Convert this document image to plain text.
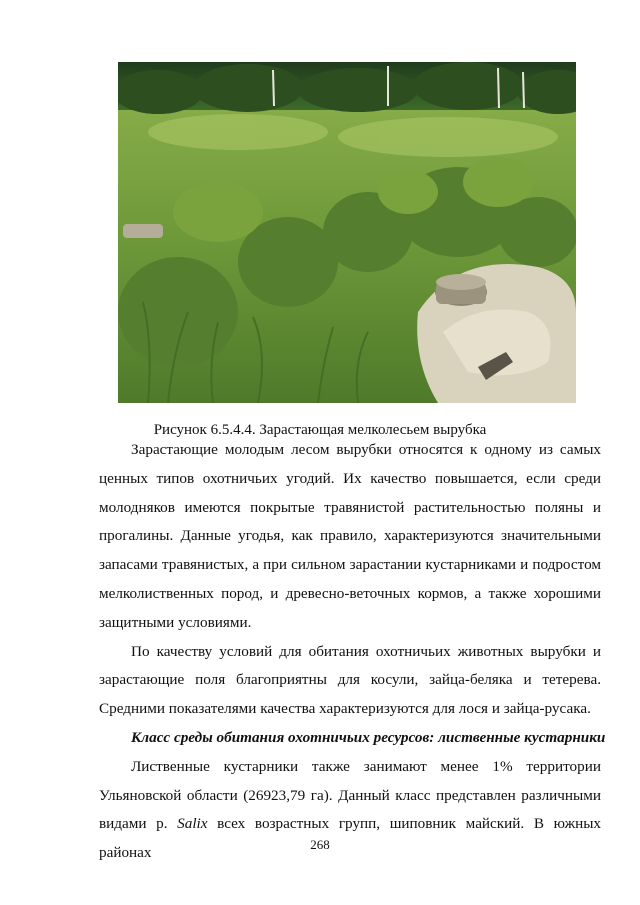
Рисунок 6.5.4.4. Зарастающая мелколесьем вырубка

Зарастающие молодым лесом вырубки относятся к одному из самых ценных типов охотничьих угодий. Их качество повышается, если среди молодняков имеются покрытые травянистой растительностью поляны и прогалины. Данные угодья, как правило, характеризуются значительными запасами травянистых, а при сильном зарастании кустарниками и подростом мелколиственных пород, и древесно-веточных кормов, а также хорошими защитными условиями.

По качеству условий для обитания охотничьих животных вырубки и зарастающие поля благоприятны для косули, зайца-беляка и тетерева. Средними показателями качества характеризуются для лося и зайца-русака.

Класс среды обитания охотничьих ресурсов: лиственные кустарники

Лиственные кустарники также занимают менее 1% территории Ульяновской области (26923,79 га). Данный класс представлен различными видами р. Salix всех возрастных групп, шиповник майский. В южных районах	268
